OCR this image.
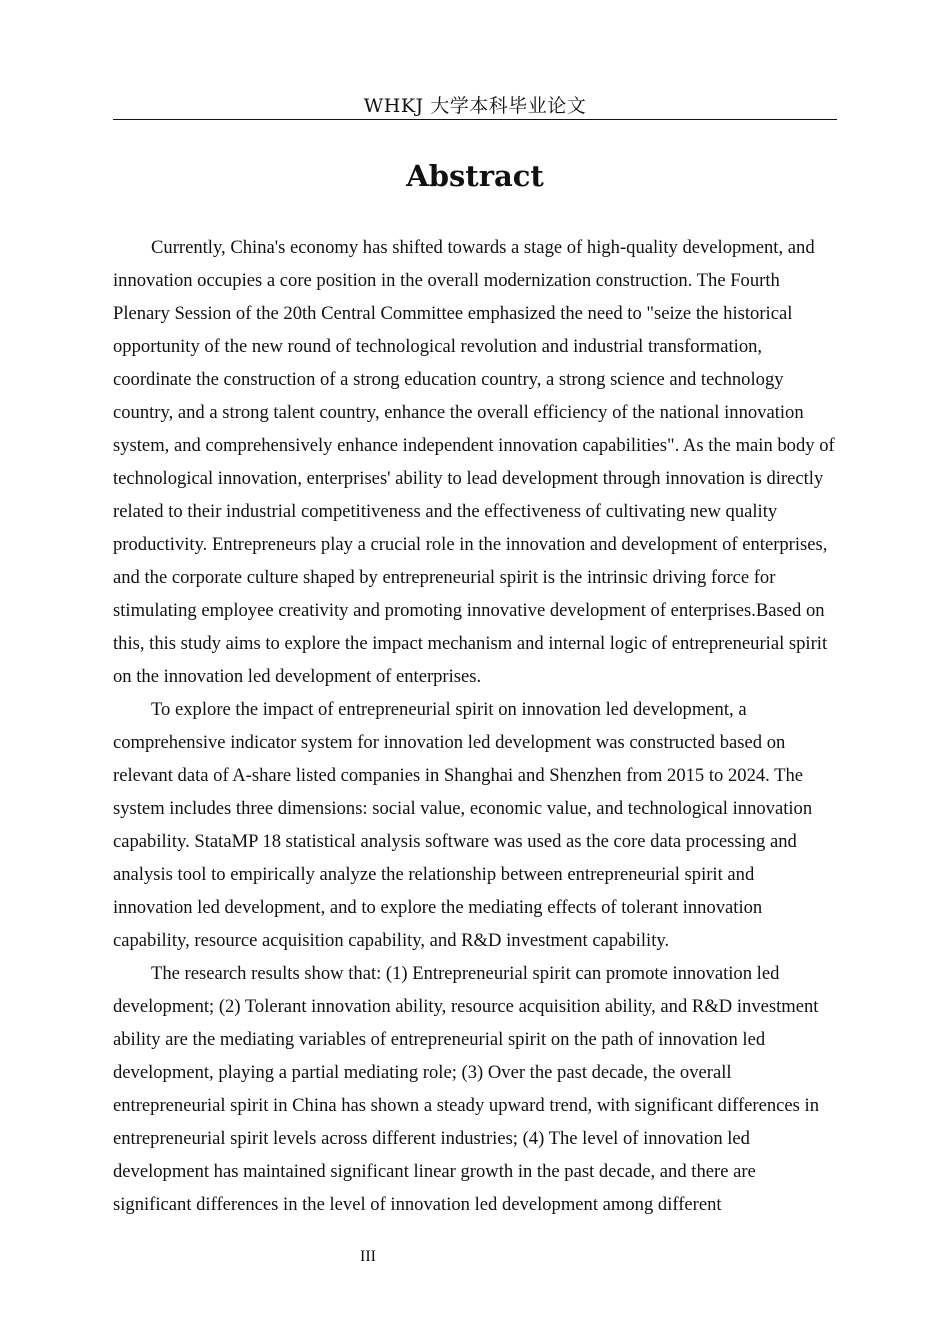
WHKJ 大学本科毕业论文
Abstract

Currently, China's economy has shifted towards a stage of high-quality development, and innovation occupies a core position in the overall modernization construction. The Fourth Plenary Session of the 20th Central Committee emphasized the need to "seize the historical opportunity of the new round of technological revolution and industrial transformation, coordinate the construction of a strong education country, a strong science and technology country, and a strong talent country, enhance the overall efficiency of the national innovation system, and comprehensively enhance independent innovation capabilities". As the main body of technological innovation, enterprises' ability to lead development through innovation is directly related to their industrial competitiveness and the effectiveness of cultivating new quality productivity. Entrepreneurs play a crucial role in the innovation and development of enterprises, and the corporate culture shaped by entrepreneurial spirit is the intrinsic driving force for stimulating employee creativity and promoting innovative development of enterprises.Based on this, this study aims to explore the impact mechanism and internal logic of entrepreneurial spirit on the innovation led development of enterprises.

To explore the impact of entrepreneurial spirit on innovation led development, a comprehensive indicator system for innovation led development was constructed based on relevant data of A-share listed companies in Shanghai and Shenzhen from 2015 to 2024. The system includes three dimensions: social value, economic value, and technological innovation capability. StataMP 18 statistical analysis software was used as the core data processing and analysis tool to empirically analyze the relationship between entrepreneurial spirit and innovation led development, and to explore the mediating effects of tolerant innovation capability, resource acquisition capability, and R&D investment capability.

The research results show that: (1) Entrepreneurial spirit can promote innovation led development; (2) Tolerant innovation ability, resource acquisition ability, and R&D investment ability are the mediating variables of entrepreneurial spirit on the path of innovation led development, playing a partial mediating role; (3) Over the past decade, the overall entrepreneurial spirit in China has shown a steady upward trend, with significant differences in entrepreneurial spirit levels across different industries; (4) The level of innovation led development has maintained significant linear growth in the past decade, and there are significant differences in the level of innovation led development among different

III
